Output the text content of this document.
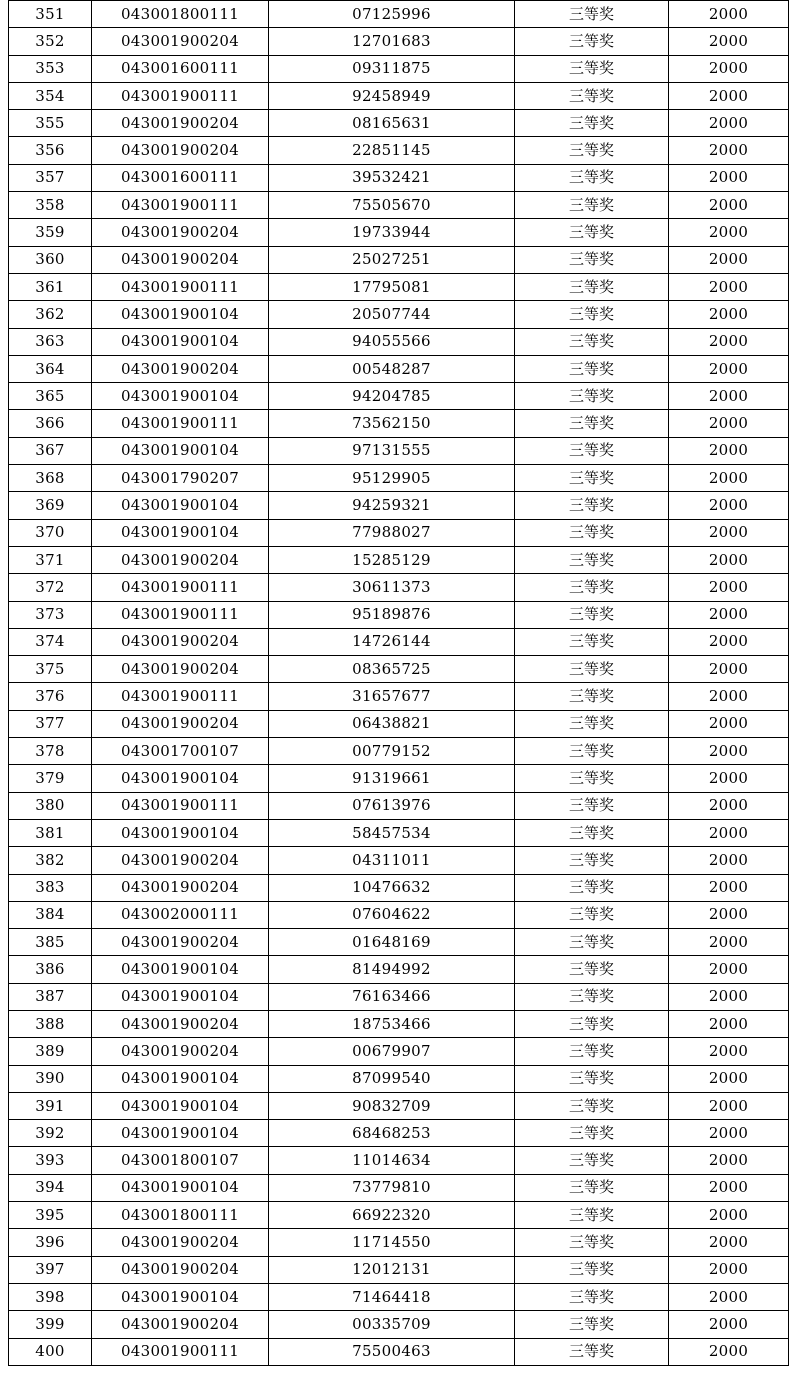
351	043001800111	07125996	三等奖	2000
352	043001900204	12701683	三等奖	2000
353	043001600111	09311875	三等奖	2000
354	043001900111	92458949	三等奖	2000
355	043001900204	08165631	三等奖	2000
356	043001900204	22851145	三等奖	2000
357	043001600111	39532421	三等奖	2000
358	043001900111	75505670	三等奖	2000
359	043001900204	19733944	三等奖	2000
360	043001900204	25027251	三等奖	2000
361	043001900111	17795081	三等奖	2000
362	043001900104	20507744	三等奖	2000
363	043001900104	94055566	三等奖	2000
364	043001900204	00548287	三等奖	2000
365	043001900104	94204785	三等奖	2000
366	043001900111	73562150	三等奖	2000
367	043001900104	97131555	三等奖	2000
368	043001790207	95129905	三等奖	2000
369	043001900104	94259321	三等奖	2000
370	043001900104	77988027	三等奖	2000
371	043001900204	15285129	三等奖	2000
372	043001900111	30611373	三等奖	2000
373	043001900111	95189876	三等奖	2000
374	043001900204	14726144	三等奖	2000
375	043001900204	08365725	三等奖	2000
376	043001900111	31657677	三等奖	2000
377	043001900204	06438821	三等奖	2000
378	043001700107	00779152	三等奖	2000
379	043001900104	91319661	三等奖	2000
380	043001900111	07613976	三等奖	2000
381	043001900104	58457534	三等奖	2000
382	043001900204	04311011	三等奖	2000
383	043001900204	10476632	三等奖	2000
384	043002000111	07604622	三等奖	2000
385	043001900204	01648169	三等奖	2000
386	043001900104	81494992	三等奖	2000
387	043001900104	76163466	三等奖	2000
388	043001900204	18753466	三等奖	2000
389	043001900204	00679907	三等奖	2000
390	043001900104	87099540	三等奖	2000
391	043001900104	90832709	三等奖	2000
392	043001900104	68468253	三等奖	2000
393	043001800107	11014634	三等奖	2000
394	043001900104	73779810	三等奖	2000
395	043001800111	66922320	三等奖	2000
396	043001900204	11714550	三等奖	2000
397	043001900204	12012131	三等奖	2000
398	043001900104	71464418	三等奖	2000
399	043001900204	00335709	三等奖	2000
400	043001900111	75500463	三等奖	2000
